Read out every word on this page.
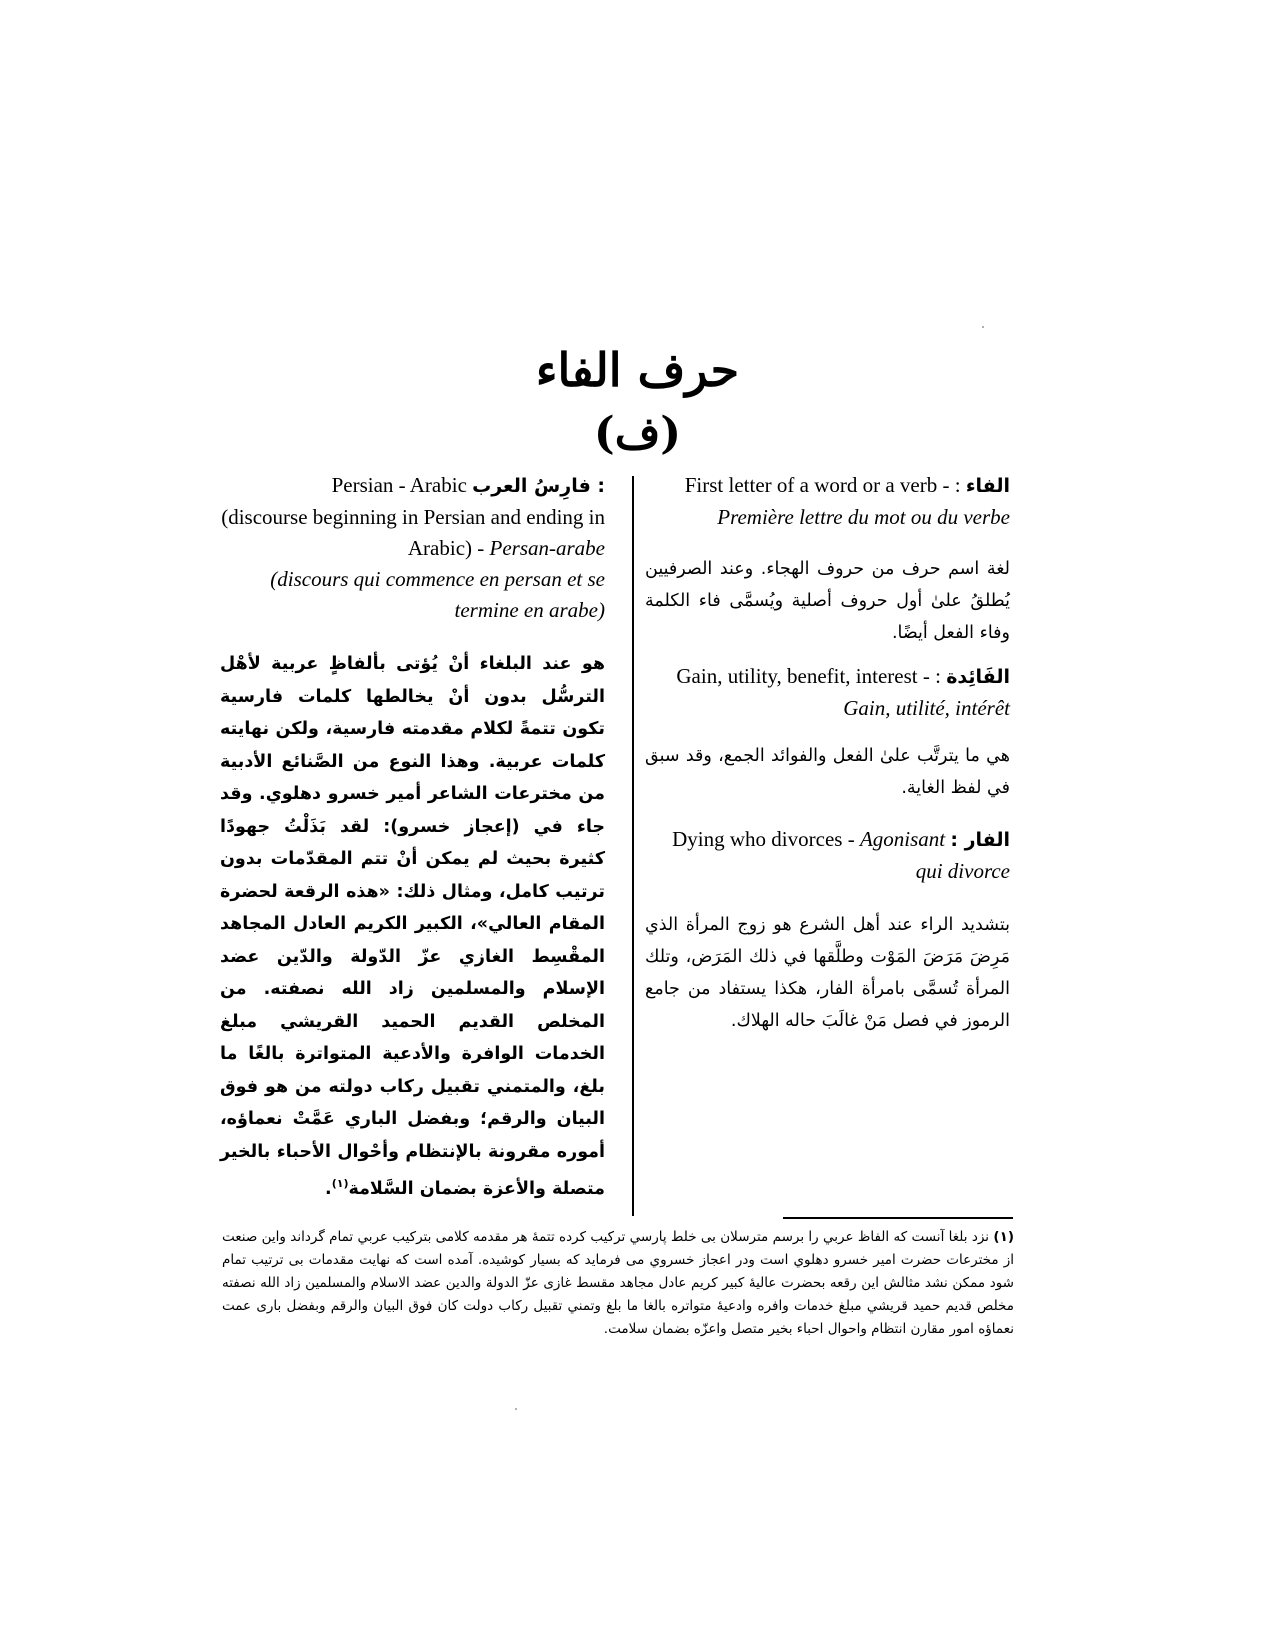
حرف الفاء
(ف)
First letter of a word or a verb - : الفاء
Première lettre du mot ou du verbe
لغة اسم حرف من حروف الهجاء. وعند الصرفيين يُطلقُ علىٰ أول حروف أصلية ويُسمَّى فاء الكلمة وفاء الفعل أيضًا.
Gain, utility, benefit, interest - : الفَائِدة
Gain, utilité, intérêt
هي ما يترتَّب علىٰ الفعل والفوائد الجمع، وقد سبق في لفظ الغاية.
Dying who divorces - Agonisant : الفار
qui divorce
بتشديد الراء عند أهل الشرع هو زوج المرأة الذي مَرِضَ مَرَضَ المَوْت وطلَّقها في ذلك المَرَض، وتلك المرأة تُسمَّى بامرأة الفار، هكذا يستفاد من جامع الرموز في فصل مَنْ غالَبَ حاله الهلاك.
Persian - Arabic فارِسُ العرب :
(discourse beginning in Persian and ending in Arabic) - Persan-arabe
(discours qui commence en persan et se termine en arabe)
هو عند البلغاء أنْ يُؤتى بألفاظٍ عربية لأهْل الترسُّل بدون أنْ يخالطها كلمات فارسية تكون تتمةً لكلام مقدمته فارسية، ولكن نهايته كلمات عربية. وهذا النوع من الصَّنائع الأدبية من مخترعات الشاعر أمير خسرو دهلوي. وقد جاء في (إعجاز خسرو): لقد بَذَلْتُ جهودًا كثيرة بحيث لم يمكن أنْ تتم المقدّمات بدون ترتيب كامل، ومثال ذلك: «هذه الرقعة لحضرة المقام العالي»، الكبير الكريم العادل المجاهد المقْسِط الغازي عزّ الدّولة والدّين عضد الإسلام والمسلمين زاد الله نصفته. من المخلص القديم الحميد القريشي مبلغ الخدمات الوافرة والأدعية المتواترة بالغًا ما بلغ، والمتمني تقبيل ركاب دولته من هو فوق البيان والرقم؛ وبفضل الباري عَمَّتْ نعماؤه، أموره مقرونة بالإنتظام وأحْوال الأحباء بالخير متصلة والأعزة بضمان السَّلامة$^{(١)}$.
(١) نزد بلغا آنست كه الفاظ عربي را برسم مترسلان بى خلط پارسي تركيب كرده تتمهٔ هر مقدمه كلامى بتركيب عربي تمام گرداند واين صنعت از مخترعات حضرت امير خسرو دهلوي است ودر اعجاز خسروي مى فرمايد كه بسيار كوشيده. آمده است كه نهايت مقدمات بى ترتيب تمام شود ممكن نشد مثالش اين رقعه بحضرت عاليهٔ كبير كريم عادل مجاهد مقسط غازى عزّ الدولة والدين عضد الاسلام والمسلمين زاد الله نصفته مخلص قديم حميد قريشي مبلغ خدمات وافره وادعيهٔ متواتره بالغا ما بلغ وتمني تقبيل ركاب دولت كان فوق البيان والرقم وبفضل بارى عمت نعماؤه امور مقارن انتظام واحوال احباء بخير متصل واعزّه بضمان سلامت.
